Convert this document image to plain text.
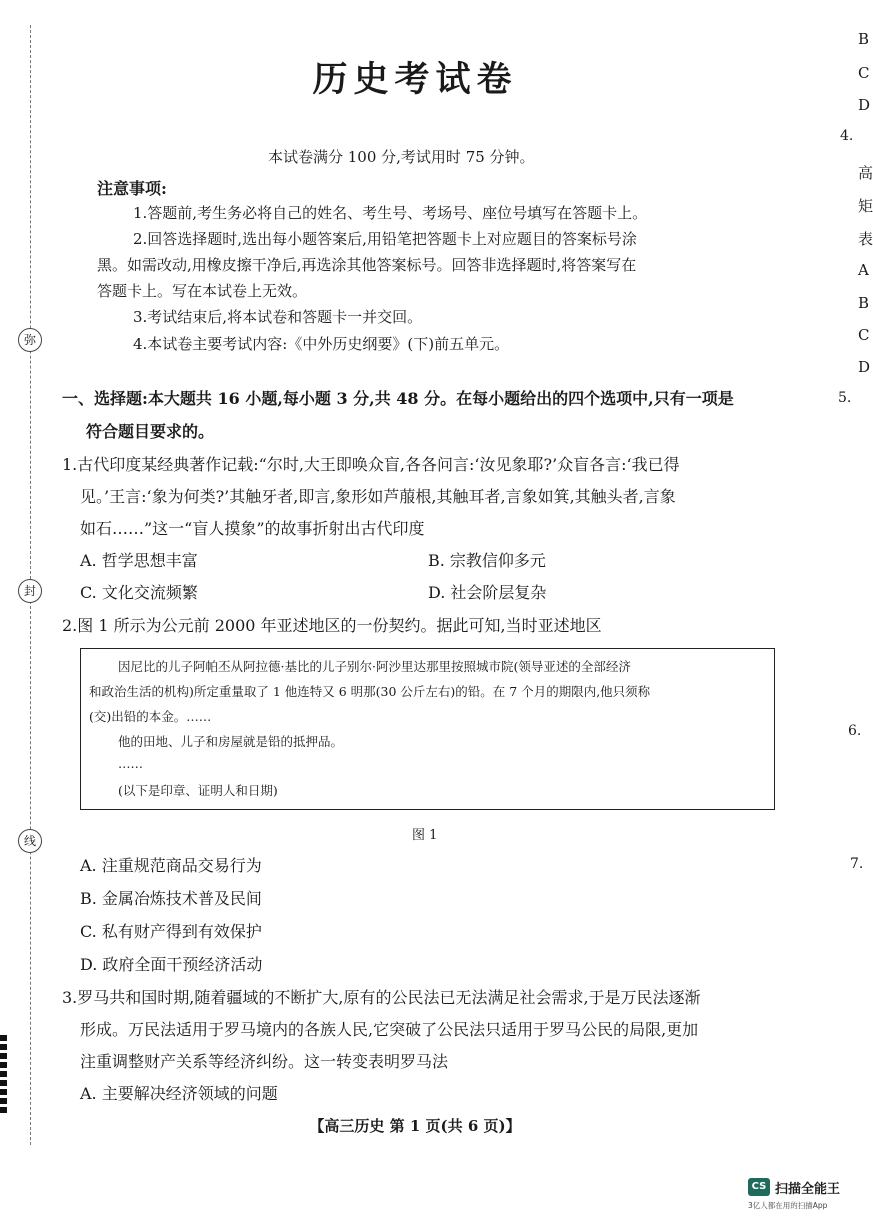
弥
封
线
历史考试卷
本试卷满分 100 分,考试用时 75 分钟。
注意事项:
1.答题前,考生务必将自己的姓名、考生号、考场号、座位号填写在答题卡上。
2.回答选择题时,选出每小题答案后,用铅笔把答题卡上对应题目的答案标号涂
黑。如需改动,用橡皮擦干净后,再选涂其他答案标号。回答非选择题时,将答案写在
答题卡上。写在本试卷上无效。
3.考试结束后,将本试卷和答题卡一并交回。
4.本试卷主要考试内容:《中外历史纲要》(下)前五单元。
一、选择题:本大题共 16 小题,每小题 3 分,共 48 分。在每小题给出的四个选项中,只有一项是
符合题目要求的。
1.古代印度某经典著作记载:“尔时,大王即唤众盲,各各问言:‘汝见象耶?’众盲各言:‘我已得
见。’王言:‘象为何类?’其触牙者,即言,象形如芦菔根,其触耳者,言象如箕,其触头者,言象
如石……”这一“盲人摸象”的故事折射出古代印度
A. 哲学思想丰富	B. 宗教信仰多元
C. 文化交流频繁	D. 社会阶层复杂
2.图 1 所示为公元前 2000 年亚述地区的一份契约。据此可知,当时亚述地区
因尼比的儿子阿帕丕从阿拉德·基比的儿子别尔·阿沙里达那里按照城市院(领导亚述的全部经济
和政治生活的机构)所定重量取了 1 他连特又 6 明那(30 公斤左右)的铅。在 7 个月的期限内,他只须称
(交)出铅的本金。……
他的田地、儿子和房屋就是铅的抵押品。
……
(以下是印章、证明人和日期)
图 1
A. 注重规范商品交易行为
B. 金属冶炼技术普及民间
C. 私有财产得到有效保护
D. 政府全面干预经济活动
3.罗马共和国时期,随着疆域的不断扩大,原有的公民法已无法满足社会需求,于是万民法逐渐
形成。万民法适用于罗马境内的各族人民,它突破了公民法只适用于罗马公民的局限,更加
注重调整财产关系等经济纠纷。这一转变表明罗马法
A. 主要解决经济领域的问题
B
C
D
4.
高
矩
表
A
B
C
D
5.
6.
7.
【高三历史 第 1 页(共 6 页)】
CS 扫描全能王
3亿人都在用的扫描App
